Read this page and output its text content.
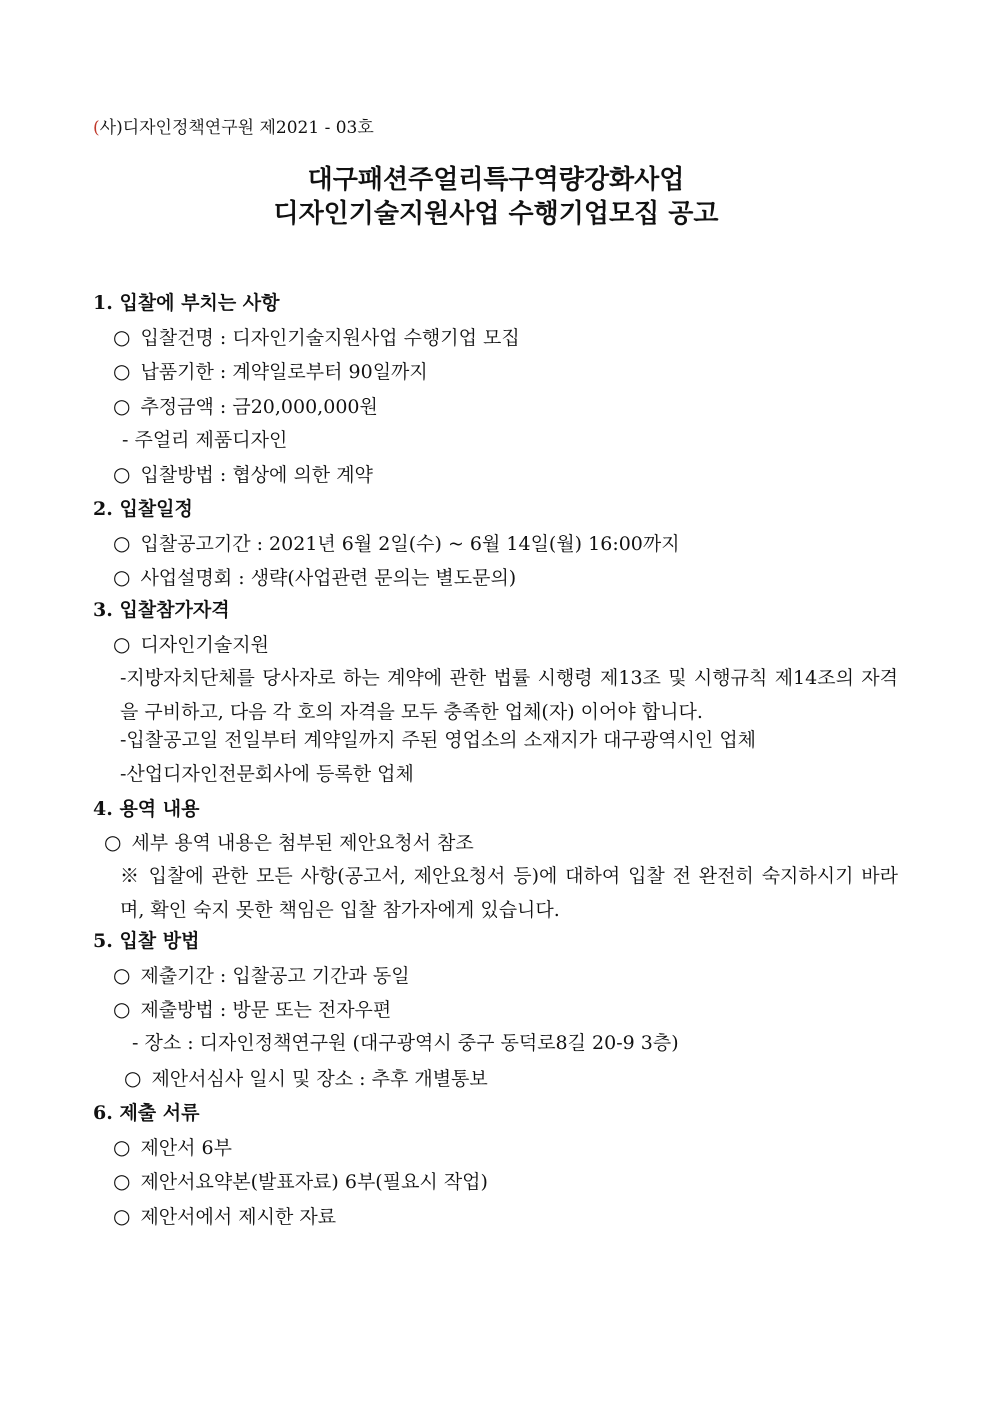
(사)디자인정책연구원 제2021 - 03호
대구패션주얼리특구역량강화사업
디자인기술지원사업 수행기업모집 공고
1. 입찰에 부치는 사항
○ 입찰건명 : 디자인기술지원사업 수행기업 모집
○ 납품기한 : 계약일로부터 90일까지
○ 추정금액 : 금20,000,000원
- 주얼리 제품디자인
○ 입찰방법 : 협상에 의한 계약
2. 입찰일정
○ 입찰공고기간 : 2021년 6월 2일(수) ~ 6월 14일(월) 16:00까지
○ 사업설명회 : 생략(사업관련 문의는 별도문의)
3. 입찰참가자격
○ 디자인기술지원
-지방자치단체를 당사자로 하는 계약에 관한 법률 시행령 제13조 및 시행규칙 제14조의 자격을 구비하고, 다음 각 호의 자격을 모두 충족한 업체(자) 이어야 합니다.
-입찰공고일 전일부터 계약일까지 주된 영업소의 소재지가 대구광역시인 업체
-산업디자인전문회사에 등록한 업체
4. 용역 내용
○ 세부 용역 내용은 첨부된 제안요청서 참조
※ 입찰에 관한 모든 사항(공고서, 제안요청서 등)에 대하여 입찰 전 완전히 숙지하시기 바라며, 확인 숙지 못한 책임은 입찰 참가자에게 있습니다.
5. 입찰 방법
○ 제출기간 : 입찰공고 기간과 동일
○ 제출방법 : 방문 또는 전자우편
- 장소 : 디자인정책연구원 (대구광역시 중구 동덕로8길 20-9 3층)
○ 제안서심사 일시 및 장소 : 추후 개별통보
6. 제출 서류
○ 제안서 6부
○ 제안서요약본(발표자료) 6부(필요시 작업)
○ 제안서에서 제시한 자료
